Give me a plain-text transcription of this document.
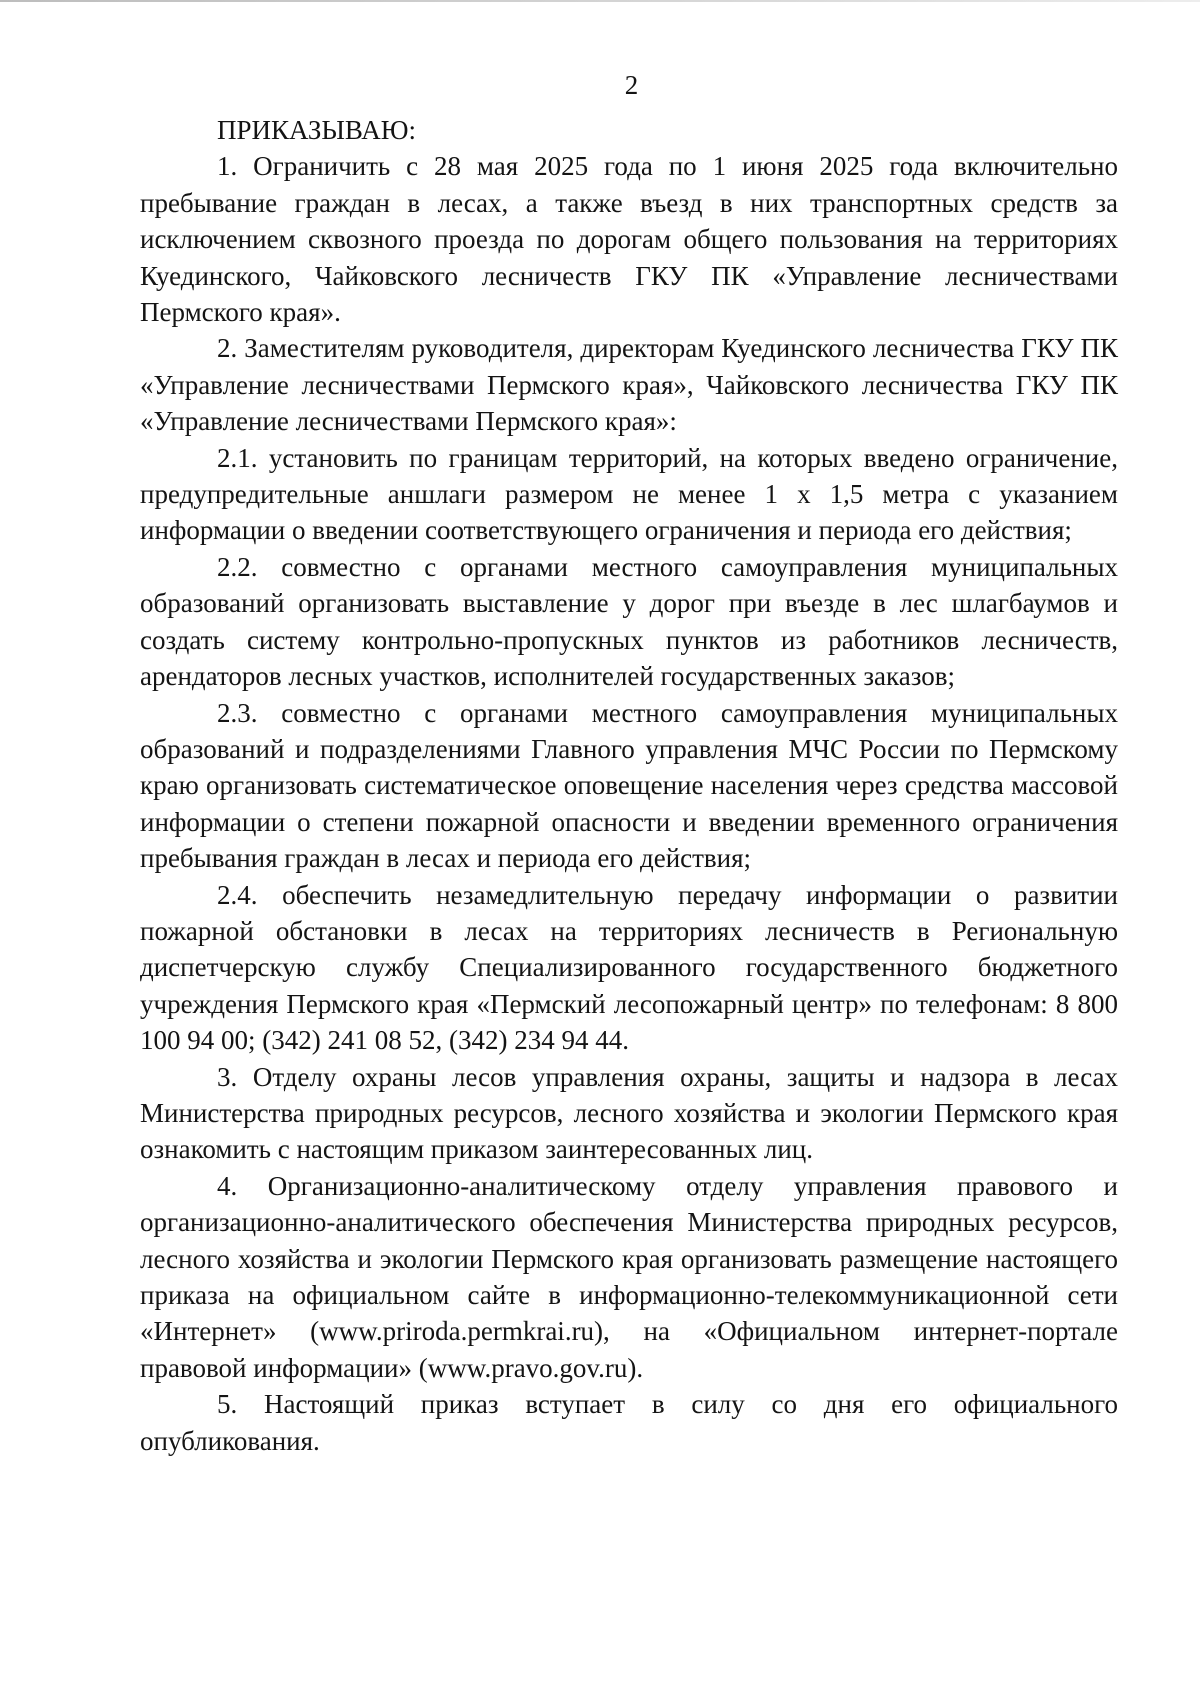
2

ПРИКАЗЫВАЮ:

1. Ограничить с 28 мая 2025 года по 1 июня 2025 года включительно пребывание граждан в лесах, а также въезд в них транспортных средств за исключением сквозного проезда по дорогам общего пользования на территориях Куединского, Чайковского лесничеств ГКУ ПК «Управление лесничествами Пермского края».

2. Заместителям руководителя, директорам Куединского лесничества ГКУ ПК «Управление лесничествами Пермского края», Чайковского лесничества ГКУ ПК «Управление лесничествами Пермского края»:

2.1. установить по границам территорий, на которых введено ограничение, предупредительные аншлаги размером не менее 1 х 1,5 метра с указанием информации о введении соответствующего ограничения и периода его действия;

2.2. совместно с органами местного самоуправления муниципальных образований организовать выставление у дорог при въезде в лес шлагбаумов и создать систему контрольно-пропускных пунктов из работников лесничеств, арендаторов лесных участков, исполнителей государственных заказов;

2.3. совместно с органами местного самоуправления муниципальных образований и подразделениями Главного управления МЧС России по Пермскому краю организовать систематическое оповещение населения через средства массовой информации о степени пожарной опасности и введении временного ограничения пребывания граждан в лесах и периода его действия;

2.4. обеспечить незамедлительную передачу информации о развитии пожарной обстановки в лесах на территориях лесничеств в Региональную диспетчерскую службу Специализированного государственного бюджетного учреждения Пермского края «Пермский лесопожарный центр» по телефонам: 8 800 100 94 00; (342) 241 08 52, (342) 234 94 44.

3. Отделу охраны лесов управления охраны, защиты и надзора в лесах Министерства природных ресурсов, лесного хозяйства и экологии Пермского края ознакомить с настоящим приказом заинтересованных лиц.

4. Организационно-аналитическому отделу управления правового и организационно-аналитического обеспечения Министерства природных ресурсов, лесного хозяйства и экологии Пермского края организовать размещение настоящего приказа на официальном сайте в информационно-телекоммуникационной сети «Интернет» (www.priroda.permkrai.ru), на «Официальном интернет-портале правовой информации» (www.pravo.gov.ru).

5. Настоящий приказ вступает в силу со дня его официального опубликования.
